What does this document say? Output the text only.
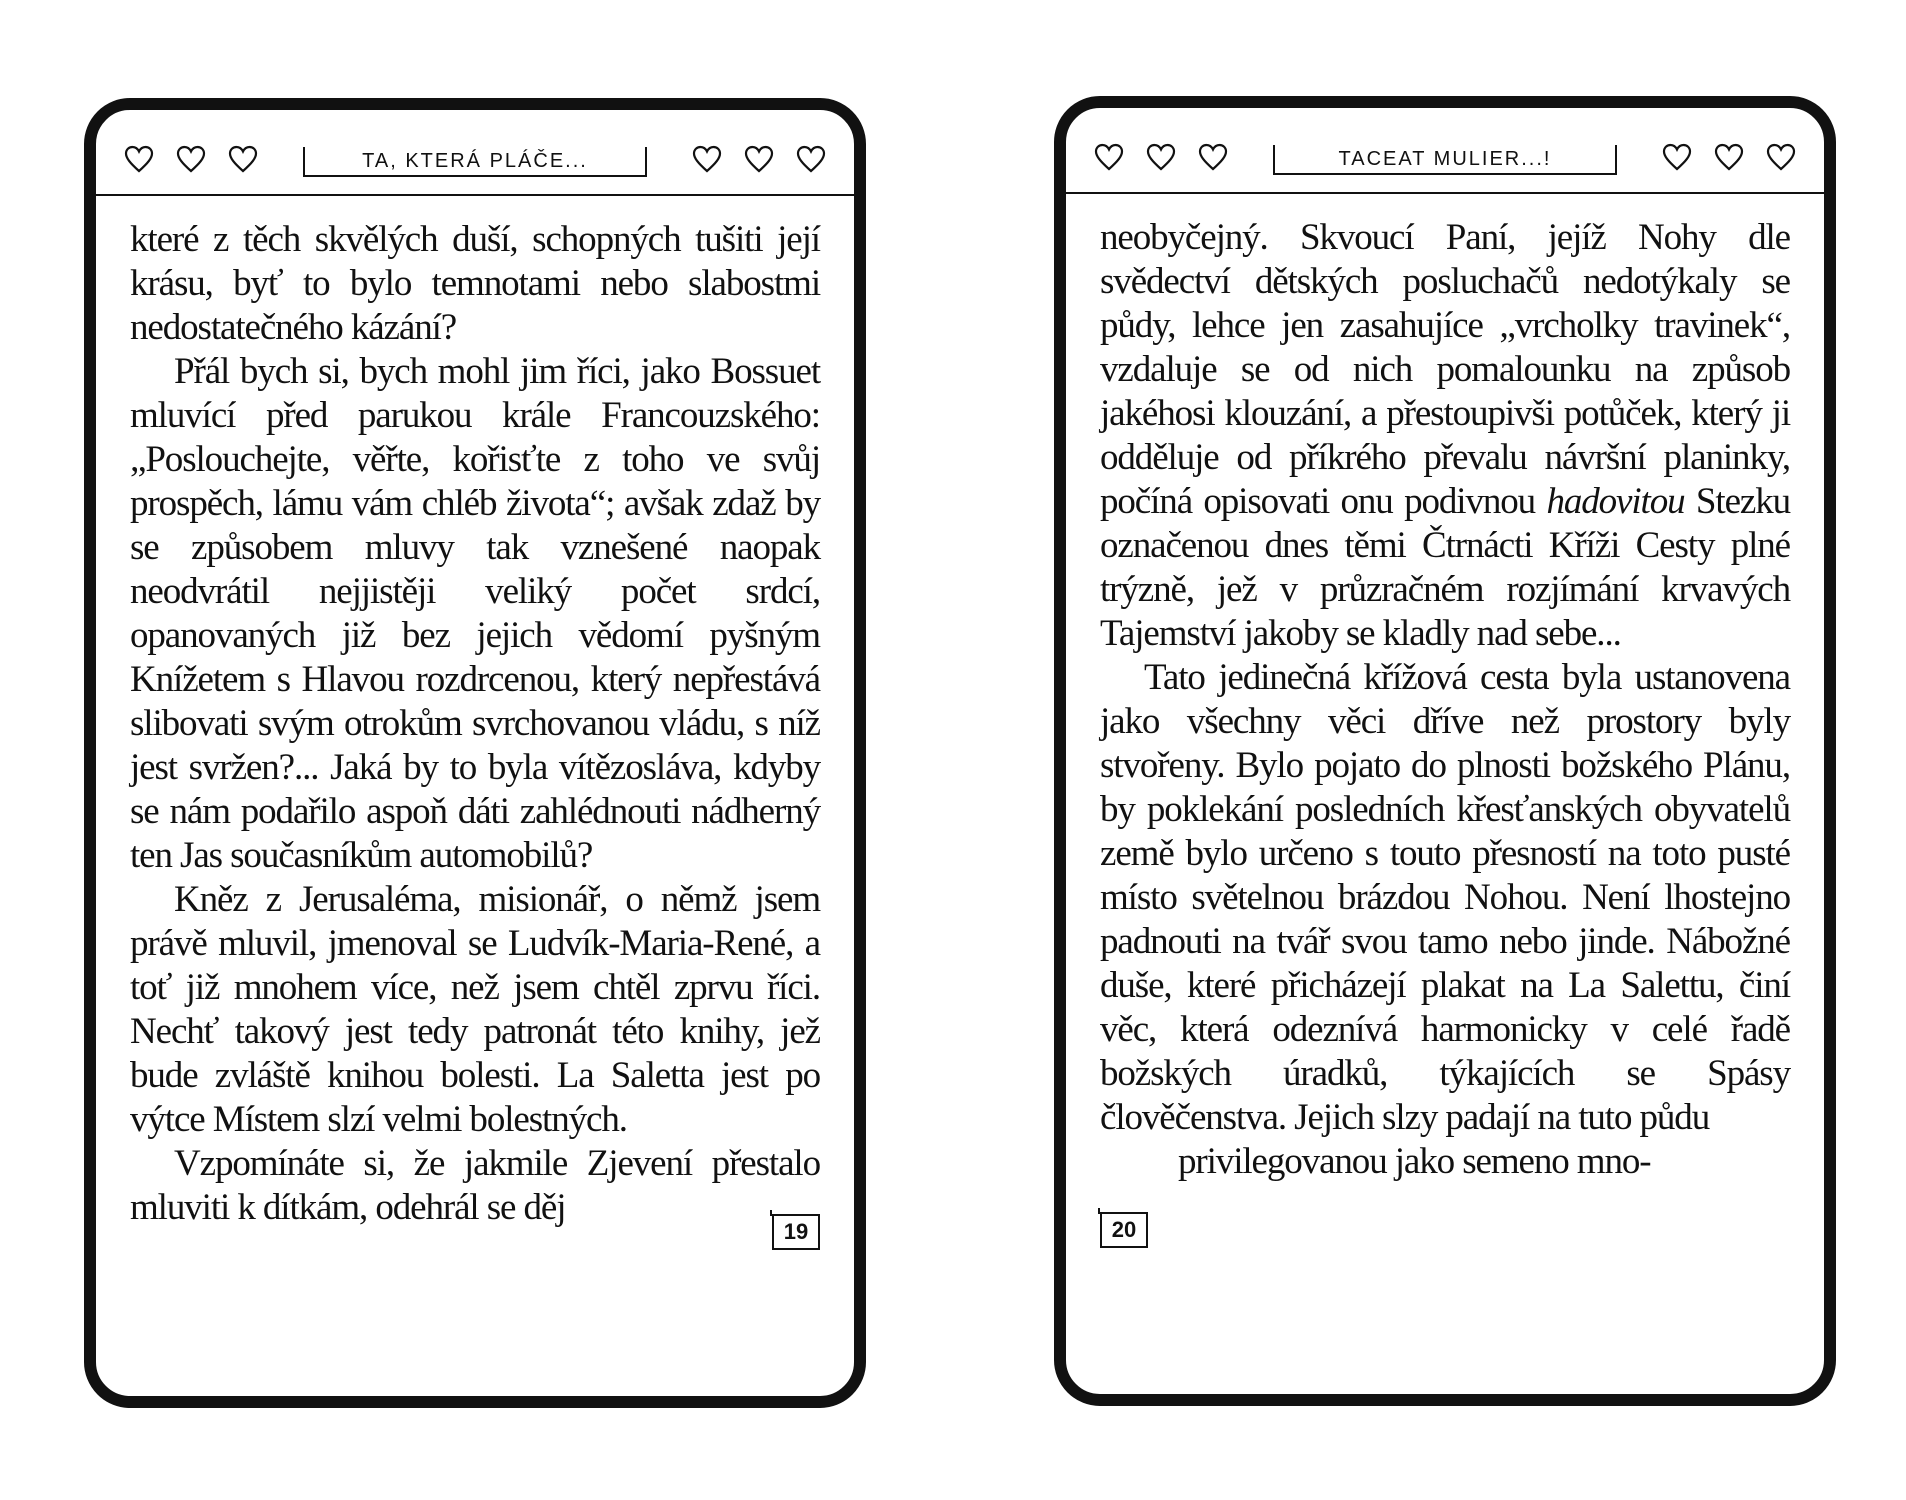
TA, KTERÁ PLÁČE...

které z těch skvělých duší, schopných tušiti její krásu, byť to bylo temnotami nebo slabostmi nedostatečného kázání?

Přál bych si, bych mohl jim říci, jako Bossuet mluvící před parukou krále Francouzského: „Poslouchejte, věřte, kořisťte z toho ve svůj prospěch, lámu vám chléb života“; avšak zdaž by se způsobem mluvy tak vznešené naopak neodvrátil nejjistěji veliký počet srdcí, opanovaných již bez jejich vědomí pyšným Knížetem s Hlavou rozdrcenou, který nepřestává slibovati svým otrokům svrchovanou vládu, s níž jest svržen?... Jaká by to byla vítězosláva, kdyby se nám podařilo aspoň dáti zahlédnouti nádherný ten Jas současníkům automobilů?

Kněz z Jerusaléma, misionář, o němž jsem právě mluvil, jmenoval se Ludvík-Maria-René, a toť již mnohem více, než jsem chtěl zprvu říci. Nechť takový jest tedy patronát této knihy, jež bude zvláště knihou bolesti. La Saletta jest po výtce Místem slzí velmi bolestných.

Vzpomínáte si, že jakmile Zjevení přestalo mluviti k dítkám, odehrál se děj

19
TACEAT MULIER...!

neobyčejný. Skvoucí Paní, jejíž Nohy dle svědectví dětských posluchačů nedotýkaly se půdy, lehce jen zasahujíce „vrcholky travinek“, vzdaluje se od nich pomalounku na způsob jakéhosi klouzání, a přestoupivši potůček, který ji odděluje od příkrého převalu návršní planinky, počíná opisovati onu podivnou hadovitou Stezku označenou dnes těmi Čtrnácti Kříži Cesty plné trýzně, jež v průzračném rozjímání krvavých Tajemství jakoby se kladly nad sebe...

Tato jedinečná křížová cesta byla ustanovena jako všechny věci dříve než prostory byly stvořeny. Bylo pojato do plnosti božského Plánu, by poklekání posledních křesťanských obyvatelů země bylo určeno s touto přesností na toto pusté místo světelnou brázdou Nohou. Není lhostejno padnouti na tvář svou tamo nebo jinde. Nábožné duše, které přicházejí plakat na La Salettu, činí věc, která odeznívá harmonicky v celé řadě božských úradků, týkajících se Spásy člověčenstva. Jejich slzy padají na tuto půdu

privilegovanou jako semeno mno-

20
